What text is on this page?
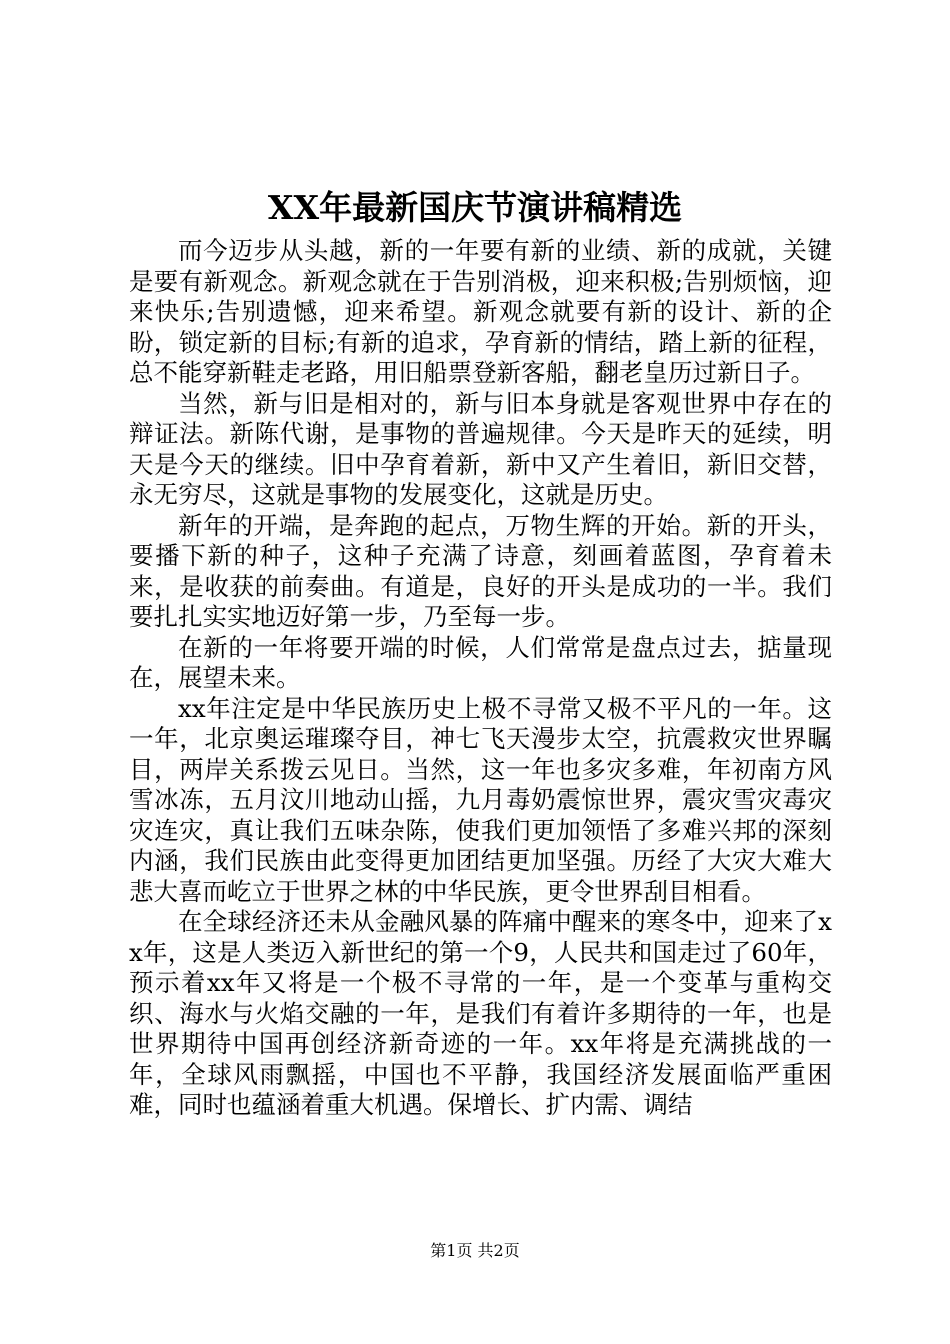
XX年最新国庆节演讲稿精选

而今迈步从头越，新的一年要有新的业绩、新的成就，关键是要有新观念。新观念就在于告别消极，迎来积极;告别烦恼，迎来快乐;告别遗憾，迎来希望。新观念就要有新的设计、新的企盼，锁定新的目标;有新的追求，孕育新的情结，踏上新的征程，总不能穿新鞋走老路，用旧船票登新客船，翻老皇历过新日子。

当然，新与旧是相对的，新与旧本身就是客观世界中存在的辩证法。新陈代谢，是事物的普遍规律。今天是昨天的延续，明天是今天的继续。旧中孕育着新，新中又产生着旧，新旧交替，永无穷尽，这就是事物的发展变化，这就是历史。

新年的开端，是奔跑的起点，万物生辉的开始。新的开头，要播下新的种子，这种子充满了诗意，刻画着蓝图，孕育着未来，是收获的前奏曲。有道是，良好的开头是成功的一半。我们要扎扎实实地迈好第一步，乃至每一步。

在新的一年将要开端的时候，人们常常是盘点过去，掂量现在，展望未来。

xx年注定是中华民族历史上极不寻常又极不平凡的一年。这一年，北京奥运璀璨夺目，神七飞天漫步太空，抗震救灾世界瞩目，两岸关系拨云见日。当然，这一年也多灾多难，年初南方风雪冰冻，五月汶川地动山摇，九月毒奶震惊世界，震灾雪灾毒灾灾连灾，真让我们五味杂陈，使我们更加领悟了多难兴邦的深刻内涵，我们民族由此变得更加团结更加坚强。历经了大灾大难大悲大喜而屹立于世界之林的中华民族，更令世界刮目相看。

在全球经济还未从金融风暴的阵痛中醒来的寒冬中，迎来了xx年，这是人类迈入新世纪的第一个9，人民共和国走过了60年，预示着xx年又将是一个极不寻常的一年，是一个变革与重构交织、海水与火焰交融的一年，是我们有着许多期待的一年，也是世界期待中国再创经济新奇迹的一年。xx年将是充满挑战的一年，全球风雨飘摇，中国也不平静，我国经济发展面临严重困难，同时也蕴涵着重大机遇。保增长、扩内需、调结

第1页 共2页
